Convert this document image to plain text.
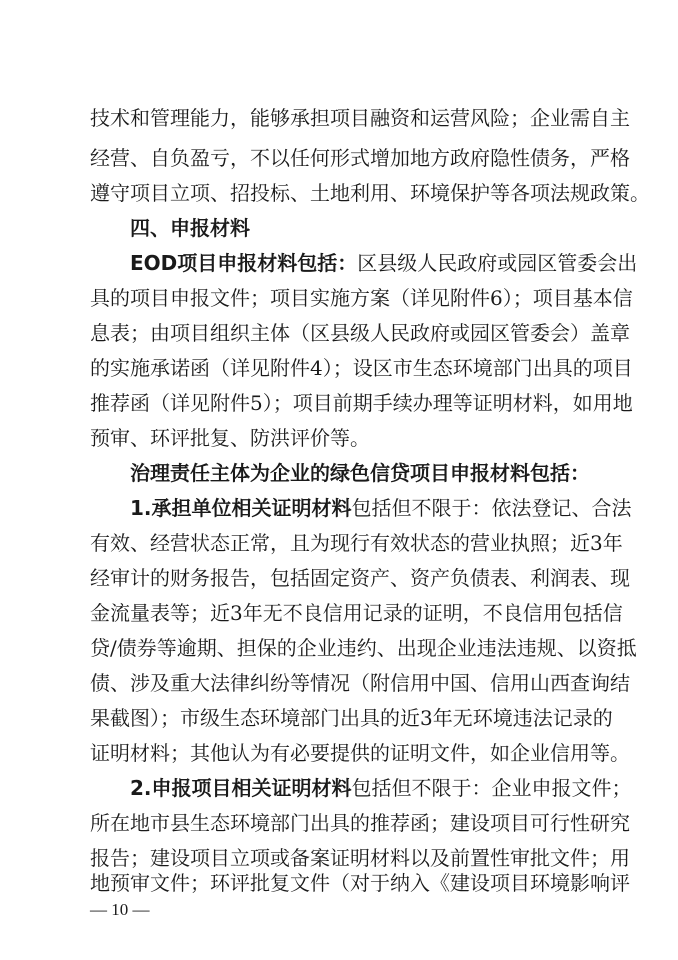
技术和管理能力，能够承担项目融资和运营风险；企业需自主
经营、自负盈亏，不以任何形式增加地方政府隐性债务，严格
遵守项目立项、招投标、土地利用、环境保护等各项法规政策。
四、申报材料
EOD项目申报材料包括：区县级人民政府或园区管委会出
具的项目申报文件；项目实施方案（详见附件6）；项目基本信
息表；由项目组织主体（区县级人民政府或园区管委会）盖章
的实施承诺函（详见附件4）；设区市生态环境部门出具的项目
推荐函（详见附件5）；项目前期手续办理等证明材料，如用地
预审、环评批复、防洪评价等。
治理责任主体为企业的绿色信贷项目申报材料包括：
1.承担单位相关证明材料包括但不限于：依法登记、合法
有效、经营状态正常，且为现行有效状态的营业执照；近3年
经审计的财务报告，包括固定资产、资产负债表、利润表、现
金流量表等；近3年无不良信用记录的证明，不良信用包括信
贷/债券等逾期、担保的企业违约、出现企业违法违规、以资抵
债、涉及重大法律纠纷等情况（附信用中国、信用山西查询结
果截图）；市级生态环境部门出具的近3年无环境违法记录的
证明材料；其他认为有必要提供的证明文件，如企业信用等。
2.申报项目相关证明材料包括但不限于：企业申报文件；
所在地市县生态环境部门出具的推荐函；建设项目可行性研究
报告；建设项目立项或备案证明材料以及前置性审批文件；用
— 10 —
地预审文件；环评批复文件（对于纳入《建设项目环境影响评
